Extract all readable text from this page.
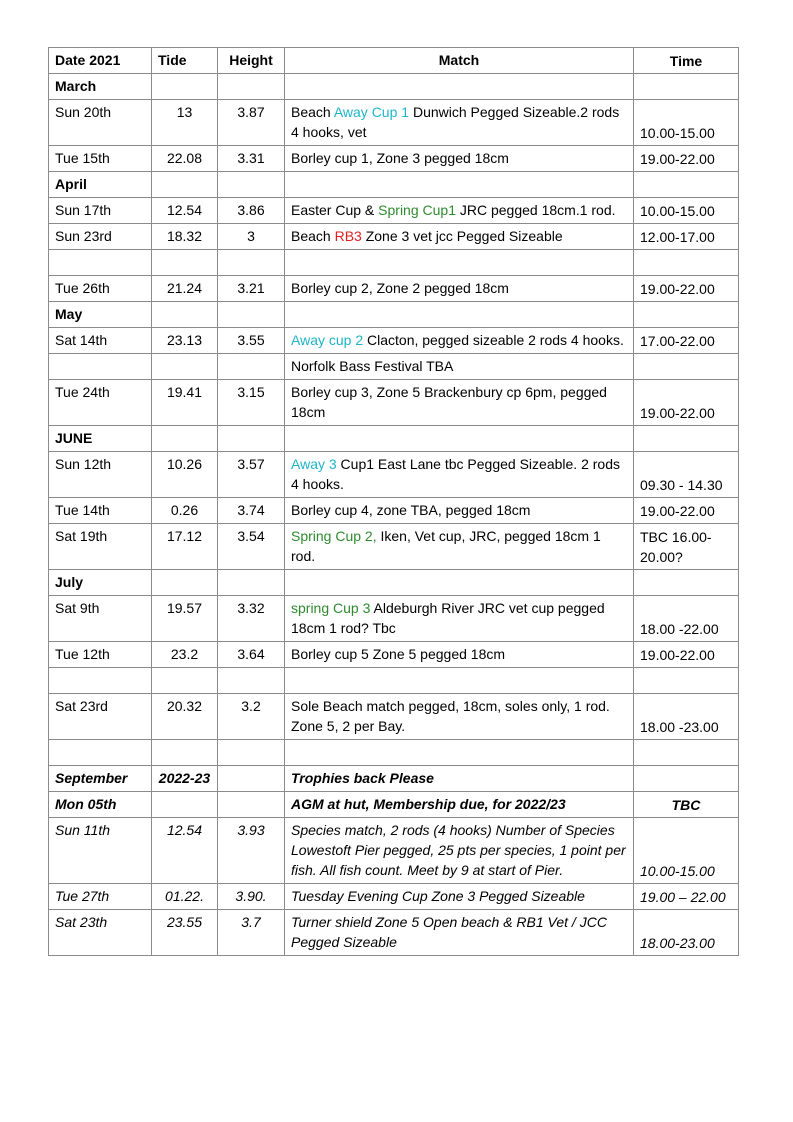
Date 2021	Tide	Height	Match	Time
March				
Sun 20th	13	3.87	Beach Away Cup 1 Dunwich Pegged Sizeable.2 rods 4 hooks, vet	10.00-15.00
Tue 15th	22.08	3.31	Borley cup 1, Zone 3 pegged 18cm	19.00-22.00
April				
Sun 17th	12.54	3.86	Easter Cup & Spring Cup1 JRC pegged 18cm.1 rod.	10.00-15.00
Sun 23rd	18.32	3	Beach RB3 Zone 3 vet jcc Pegged Sizeable	12.00-17.00

Tue 26th	21.24	3.21	Borley cup 2, Zone 2 pegged 18cm	19.00-22.00
May				
Sat 14th	23.13	3.55	Away cup 2 Clacton, pegged sizeable 2 rods 4 hooks.	17.00-22.00
			Norfolk Bass Festival TBA	
Tue 24th	19.41	3.15	Borley cup 3, Zone 5 Brackenbury cp 6pm, pegged 18cm	19.00-22.00
JUNE				
Sun 12th	10.26	3.57	Away 3 Cup1 East Lane tbc Pegged Sizeable. 2 rods 4 hooks.	09.30 - 14.30
Tue 14th	0.26	3.74	Borley cup 4, zone TBA, pegged 18cm	19.00-22.00
Sat 19th	17.12	3.54	Spring Cup 2, Iken, Vet cup, JRC, pegged 18cm 1 rod.	TBC 16.00-20.00?
July				
Sat 9th	19.57	3.32	spring Cup 3 Aldeburgh River JRC vet cup pegged 18cm 1 rod? Tbc	18.00 -22.00
Tue 12th	23.2	3.64	Borley cup 5 Zone 5 pegged 18cm	19.00-22.00

Sat 23rd	20.32	3.2	Sole Beach match pegged, 18cm, soles only, 1 rod. Zone 5, 2 per Bay.	18.00 -23.00

September	2022-23		Trophies back Please	
Mon 05th			AGM at hut, Membership due, for 2022/23	TBC
Sun 11th	12.54	3.93	Species match, 2 rods (4 hooks) Number of Species Lowestoft Pier pegged, 25 pts per species, 1 point per fish. All fish count. Meet by 9 at start of Pier.	10.00-15.00
Tue 27th	01.22.	3.90.	Tuesday Evening Cup Zone 3 Pegged Sizeable	19.00 – 22.00
Sat 23th	23.55	3.7	Turner shield Zone 5 Open beach & RB1 Vet / JCC Pegged Sizeable	18.00-23.00
